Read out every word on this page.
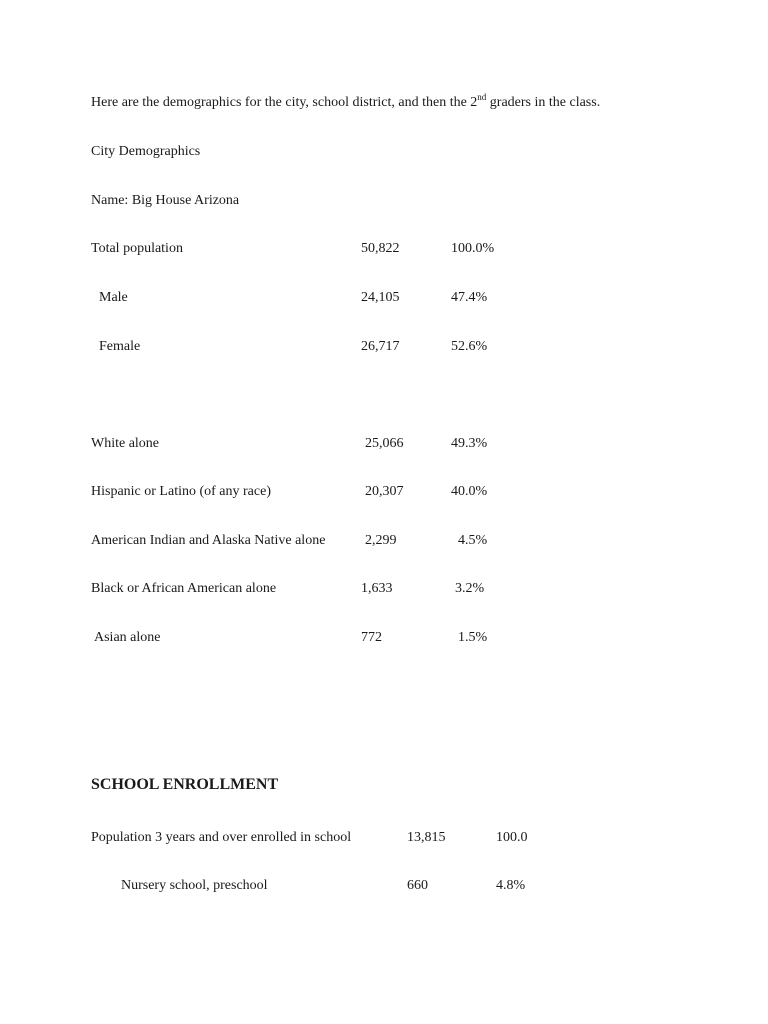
Here are the demographics for the city, school district, and then the 2nd graders in the class.
City Demographics
Name: Big House Arizona
Total population	50,822	100.0%
Male	24,105	47.4%
Female	26,717	52.6%
White alone	25,066	49.3%
Hispanic or Latino (of any race)	20,307	40.0%
American Indian and Alaska Native alone	2,299	4.5%
Black or African American alone	1,633	3.2%
Asian alone	772	1.5%
SCHOOL ENROLLMENT
Population 3 years and over enrolled in school	13,815	100.0
Nursery school, preschool	660	4.8%
